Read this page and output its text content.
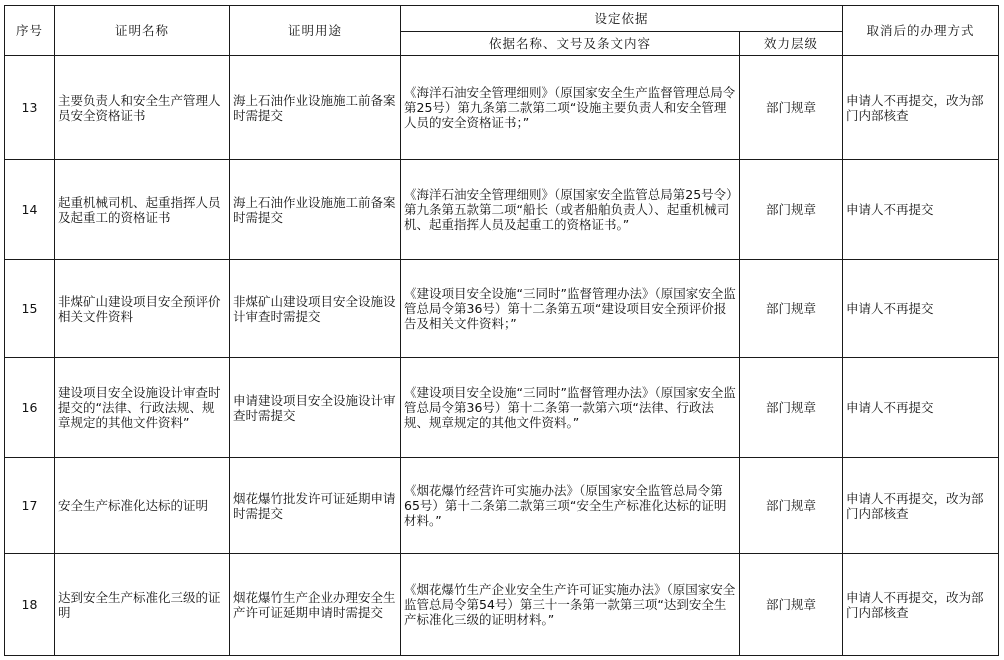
序号	证明名称	证明用途	设定依据		取消后的办理方式
			依据名称、文号及条文内容	效力层级	
13	主要负责人和安全生产管理人员安全资格证书	海上石油作业设施施工前备案时需提交	《海洋石油安全管理细则》（原国家安全生产监督管理总局令第25号）第九条第二款第二项“设施主要负责人和安全管理人员的安全资格证书；”	部门规章	申请人不再提交，改为部门内部核查
14	起重机械司机、起重指挥人员及起重工的资格证书	海上石油作业设施施工前备案时需提交	《海洋石油安全管理细则》（原国家安全监管总局第25号令）第九条第五款第二项“船长（或者船舶负责人）、起重机械司机、起重指挥人员及起重工的资格证书。”	部门规章	申请人不再提交
15	非煤矿山建设项目安全预评价相关文件资料	非煤矿山建设项目安全设施设计审查时需提交	《建设项目安全设施“三同时”监督管理办法》（原国家安全监管总局令第36号）第十二条第五项“建设项目安全预评价报告及相关文件资料；”	部门规章	申请人不再提交
16	建设项目安全设施设计审查时提交的“法律、行政法规、规章规定的其他文件资料”	申请建设项目安全设施设计审查时需提交	《建设项目安全设施“三同时”监督管理办法》（原国家安全监管总局令第36号）第十二条第一款第六项“法律、行政法规、规章规定的其他文件资料。”	部门规章	申请人不再提交
17	安全生产标准化达标的证明	烟花爆竹批发许可证延期申请时需提交	《烟花爆竹经营许可实施办法》（原国家安全监管总局令第65号）第十二条第二款第三项“安全生产标准化达标的证明材料。”	部门规章	申请人不再提交，改为部门内部核查
18	达到安全生产标准化三级的证明	烟花爆竹生产企业办理安全生产许可证延期申请时需提交	《烟花爆竹生产企业安全生产许可证实施办法》（原国家安全监管总局令第54号）第三十一条第一款第三项“达到安全生产标准化三级的证明材料。”	部门规章	申请人不再提交，改为部门内部核查
